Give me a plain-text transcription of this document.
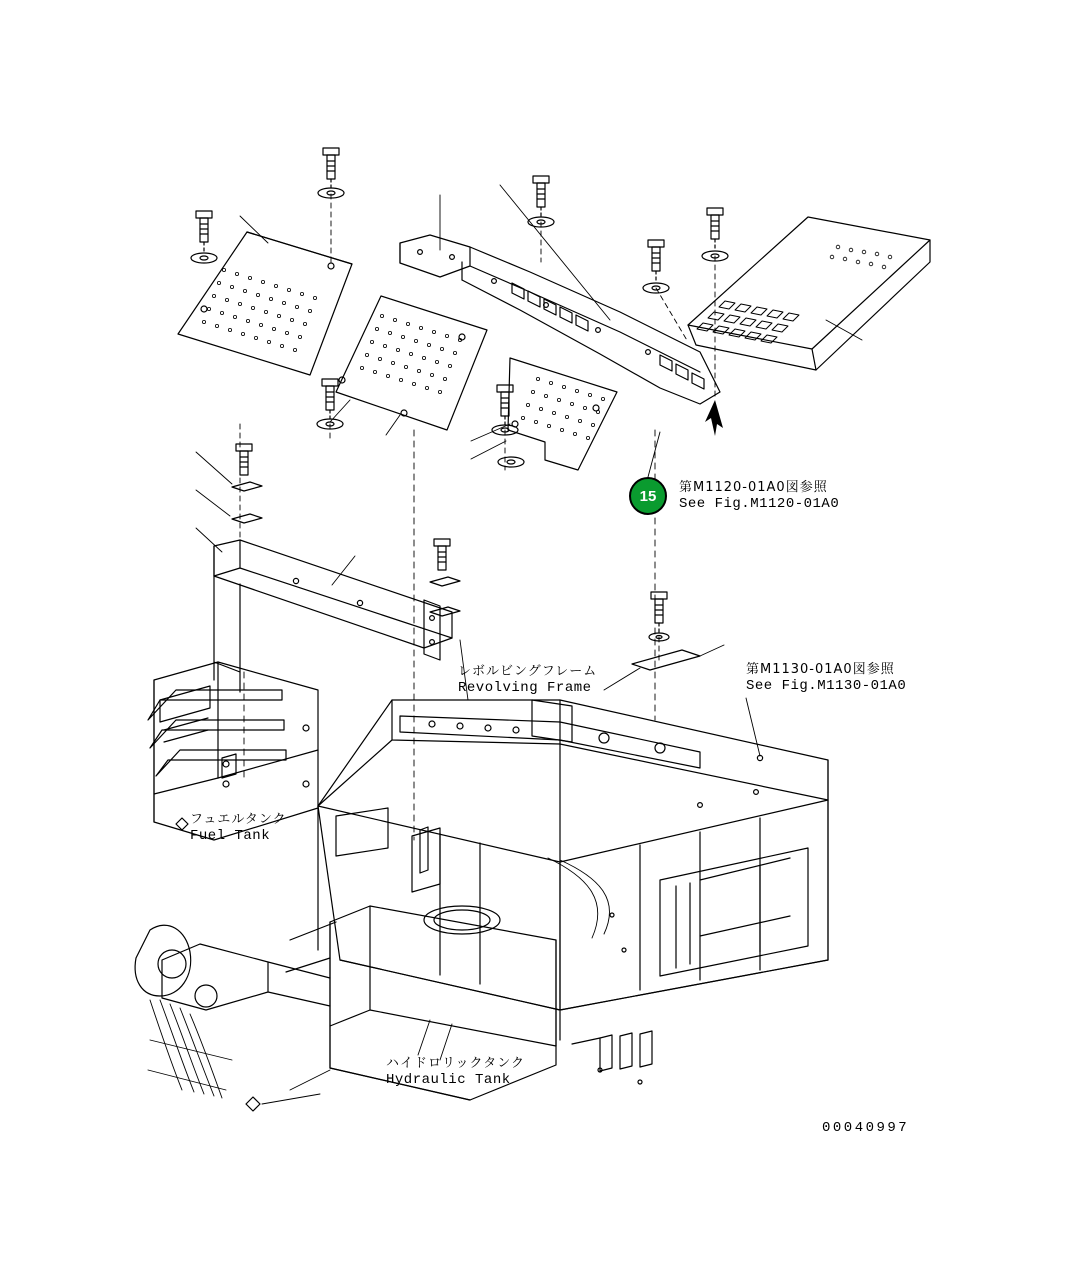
15	第M1120-01A0図参照
See Fig.M1120-01A0
第M1130-01A0図参照
See Fig.M1130-01A0
レボルビングフレーム
Revolving Frame
フュエルタンク
Fuel Tank
ハイドロリックタンク
Hydraulic Tank
00040997
